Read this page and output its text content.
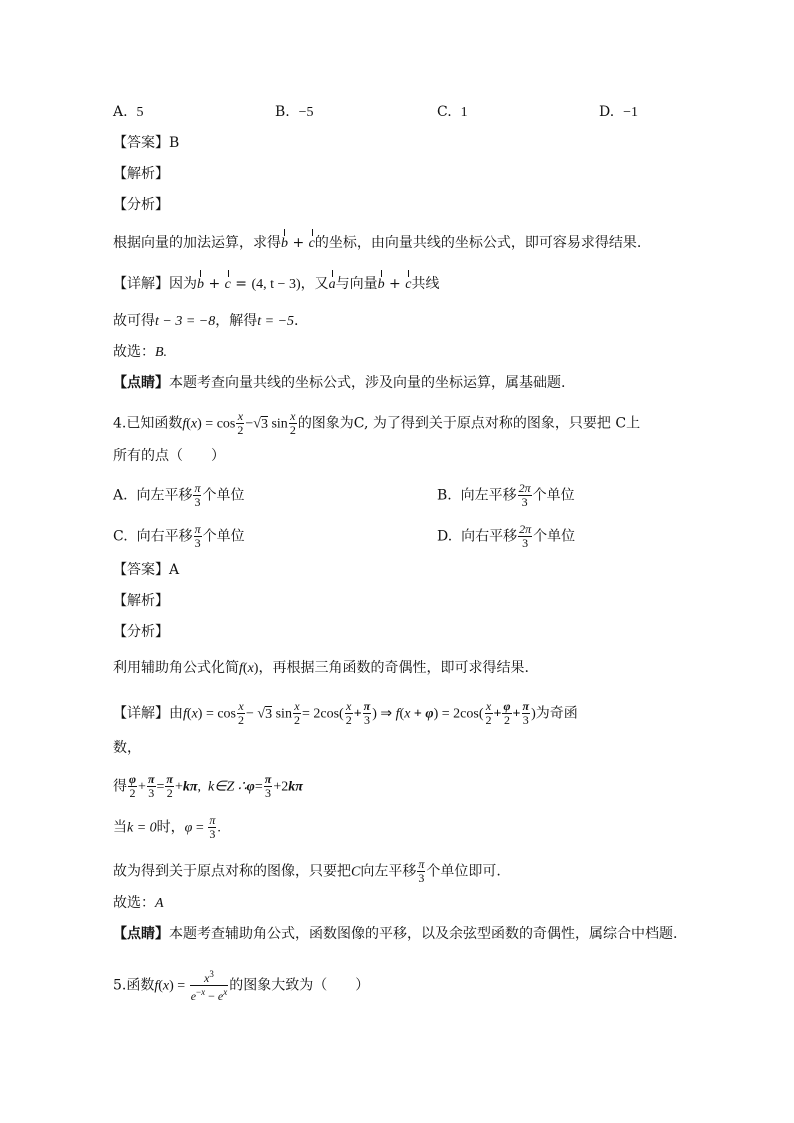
A. 5	B. −5	C. 1	D. −1
【答案】B
【解析】
【分析】
根据向量的加法运算，求得b + c的坐标，由向量共线的坐标公式，即可容易求得结果.
【详解】因为b + c = (4, t − 3)，又a与向量b + c共线
故可得t − 3 = −8，解得t = −5.
故选：B.
【点睛】本题考查向量共线的坐标公式，涉及向量的坐标运算，属基础题.
4.已知函数$f(x) = \cos \frac{x}{2} -√3$ $\sin \frac{x}{2}$ 的图象为C, 为了得到关于原点对称的图象，只要把 C上
所有的点（　　）
A. 向左平移 $\frac{\pi}{3}$ 个单位	B. 向左平移 $\frac{2\pi}{3}$ 个单位
C. 向右平移 $\frac{\pi}{3}$ 个单位	D. 向右平移 $\frac{2\pi}{3}$ 个单位
【答案】A
【解析】
【分析】
利用辅助角公式化简f(x)，再根据三角函数的奇偶性，即可求得结果.
【详解】由$f(x) = \cos \frac{x}{2} - √3$ $\sin \frac{x}{2} = 2\cos( \frac{x}{2} + \frac{\pi}{3}$ ) ⇒ $f(x + \varphi) = 2\cos( \frac{x}{2} + \frac{\varphi}{2} + \frac{\pi}{3}$ )为奇函
数，
得 $\frac{\varphi}{2} + \frac{\pi}{3} = \frac{\pi}{2} +k\pi$,  k∈Z ∴φ= $\frac{\pi}{3} +2k\pi$
当k = 0时，$\varphi = \frac{\pi}{3}$ .
故为得到关于原点对称的图像，只要把C向左平移 $\frac{\pi}{3}$ 个单位即可.
故选：A
【点睛】本题考查辅助角公式，函数图像的平移，以及余弦型函数的奇偶性，属综合中档题.
5.函数$f(x) = \frac{x^3}{e^{-x} - e^x}$ 的图象大致为（　　）
